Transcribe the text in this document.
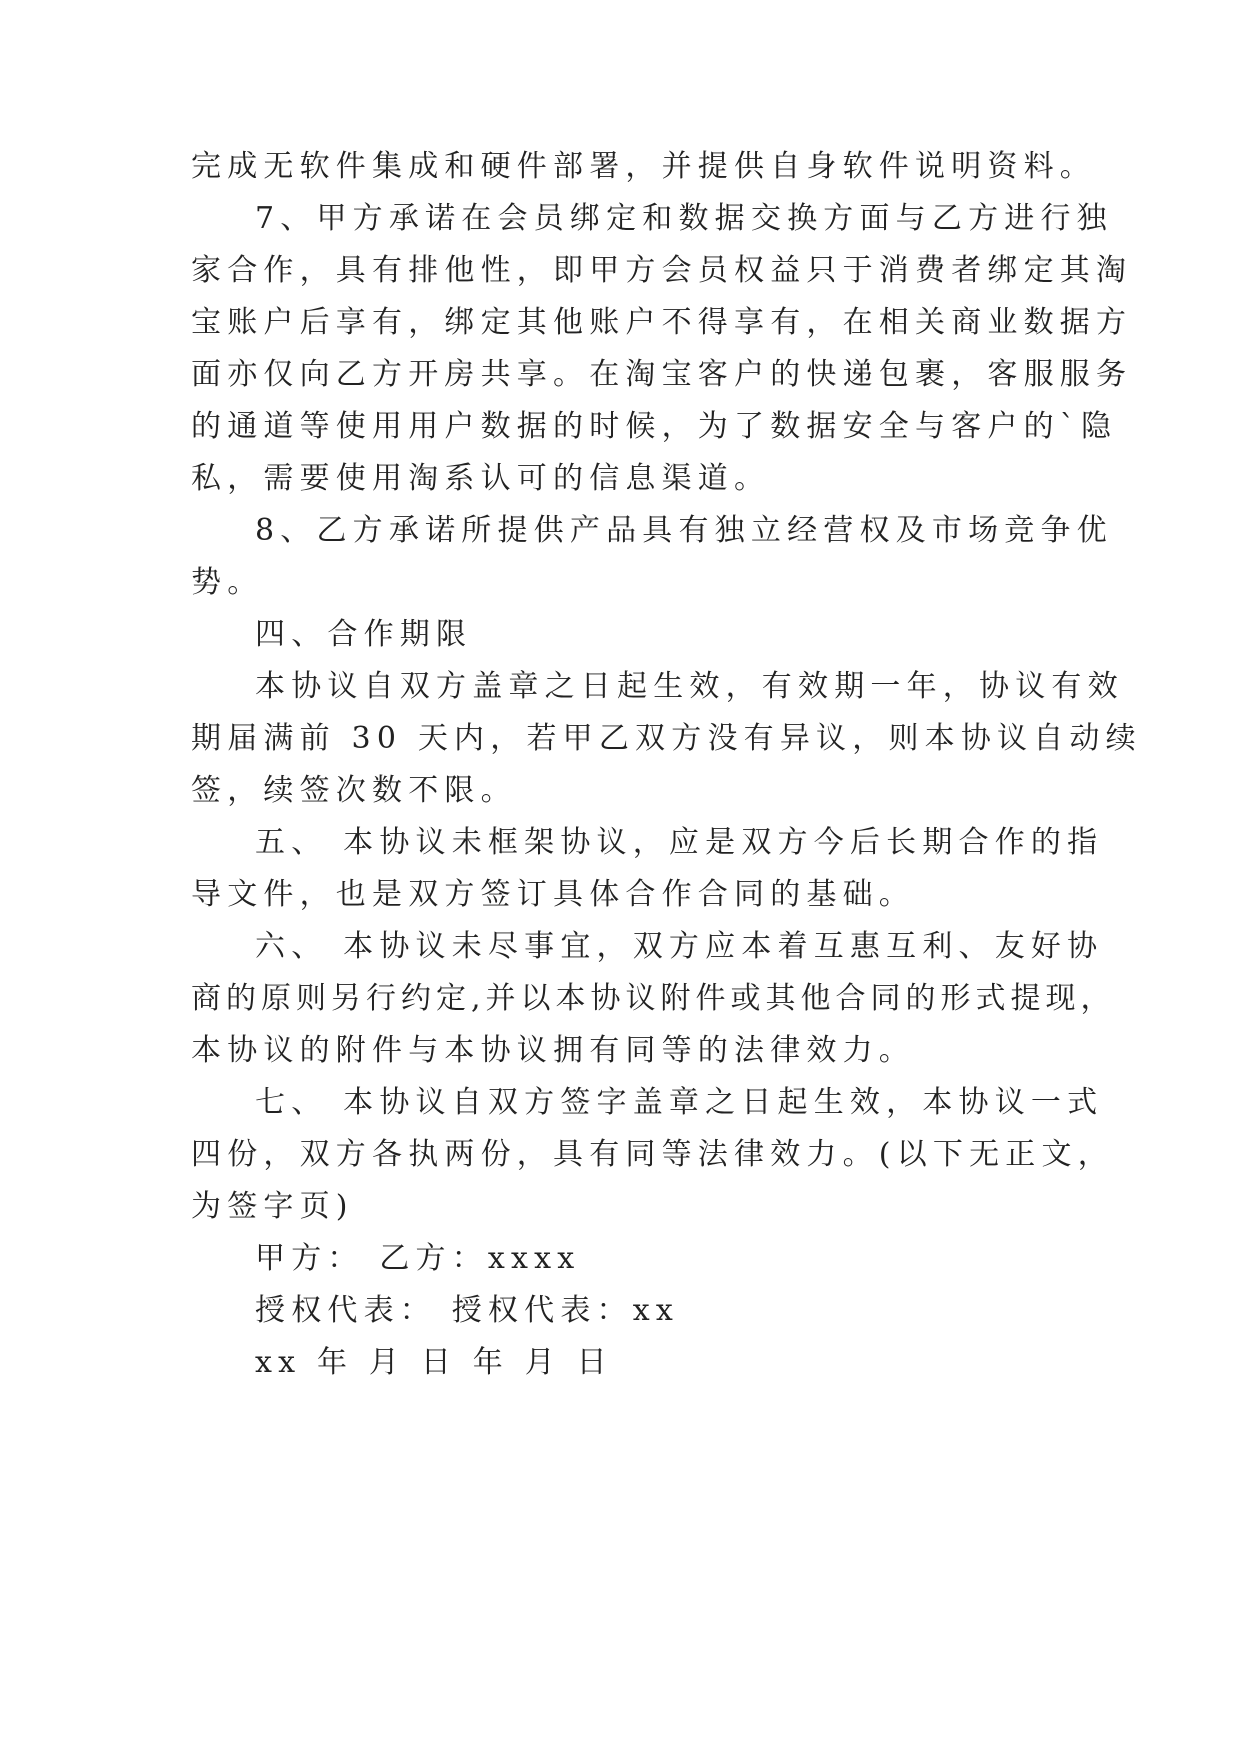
完成无软件集成和硬件部署，并提供自身软件说明资料。
7、甲方承诺在会员绑定和数据交换方面与乙方进行独
家合作，具有排他性，即甲方会员权益只于消费者绑定其淘
宝账户后享有，绑定其他账户不得享有，在相关商业数据方
面亦仅向乙方开房共享。在淘宝客户的快递包裹，客服服务
的通道等使用用户数据的时候，为了数据安全与客户的`隐
私，需要使用淘系认可的信息渠道。
8、乙方承诺所提供产品具有独立经营权及市场竞争优
势。
四、合作期限
本协议自双方盖章之日起生效，有效期一年，协议有效
期届满前 30 天内，若甲乙双方没有异议，则本协议自动续
签，续签次数不限。
五、 本协议未框架协议，应是双方今后长期合作的指
导文件，也是双方签订具体合作合同的基础。
六、 本协议未尽事宜，双方应本着互惠互利、友好协
商的原则另行约定,并以本协议附件或其他合同的形式提现，
本协议的附件与本协议拥有同等的法律效力。
七、 本协议自双方签字盖章之日起生效，本协议一式
四份，双方各执两份，具有同等法律效力。(以下无正文，
为签字页)
甲方： 乙方：xxxx
授权代表： 授权代表：xx
xx 年 月 日 年 月 日
